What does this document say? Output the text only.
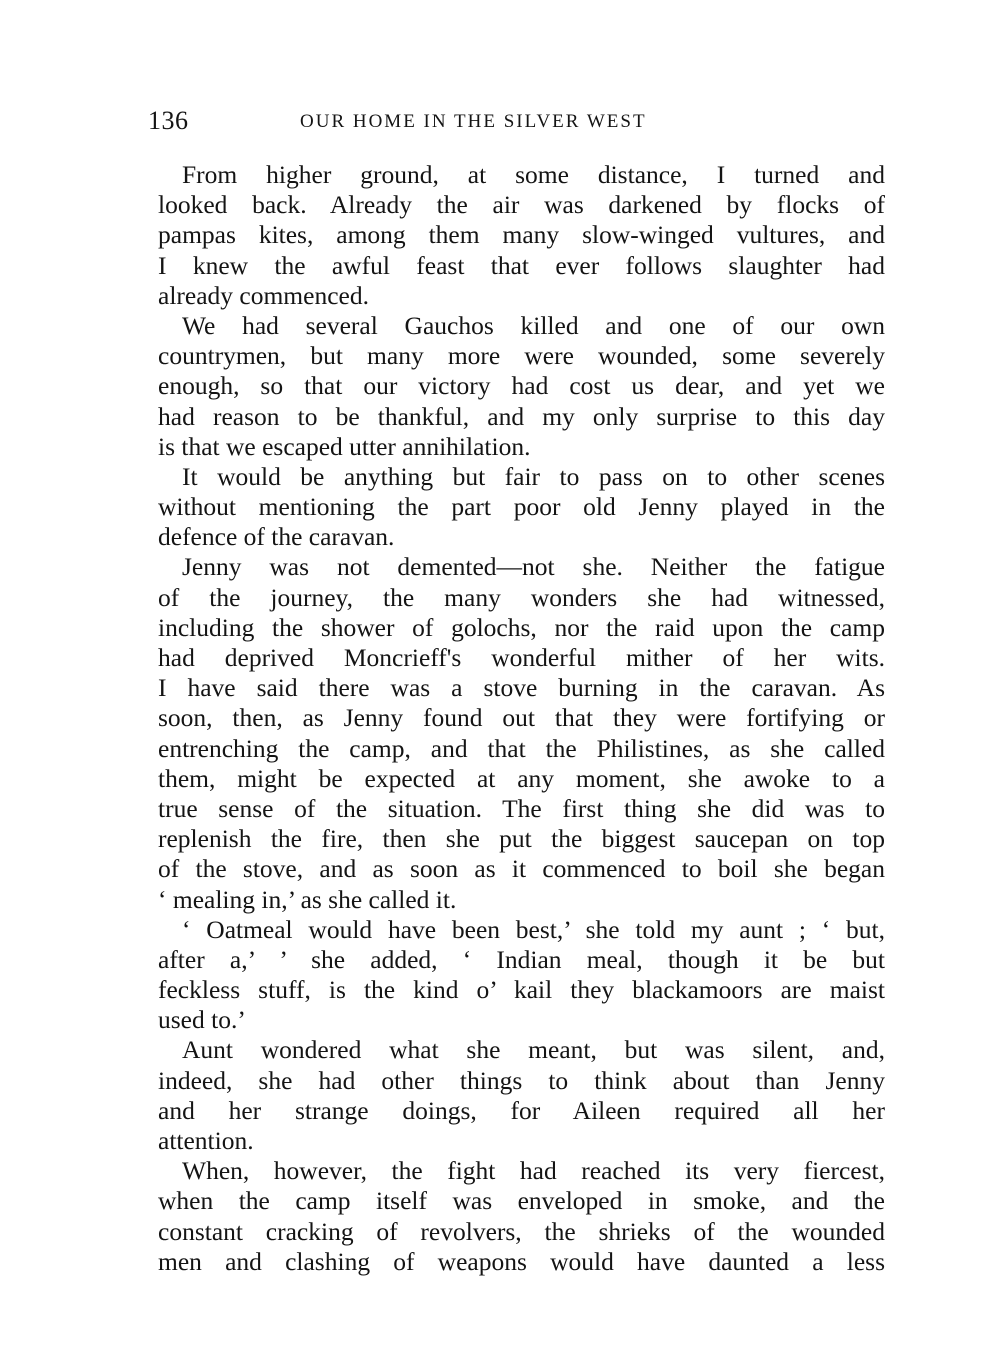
136	OUR HOME IN THE SILVER WEST
From higher ground, at some distance, I turned and
looked back. Already the air was darkened by flocks of
pampas kites, among them many slow-winged vultures, and
I knew the awful feast that ever follows slaughter had
already commenced.
We had several Gauchos killed and one of our own
countrymen, but many more were wounded, some severely
enough, so that our victory had cost us dear, and yet we
had reason to be thankful, and my only surprise to this day
is that we escaped utter annihilation.
It would be anything but fair to pass on to other scenes
without mentioning the part poor old Jenny played in the
defence of the caravan.
Jenny was not demented—not she. Neither the fatigue
of the journey, the many wonders she had witnessed,
including the shower of golochs, nor the raid upon the camp
had deprived Moncrieff's wonderful mither of her wits.
I have said there was a stove burning in the caravan. As
soon, then, as Jenny found out that they were fortifying or
entrenching the camp, and that the Philistines, as she called
them, might be expected at any moment, she awoke to a
true sense of the situation. The first thing she did was to
replenish the fire, then she put the biggest saucepan on top
of the stove, and as soon as it commenced to boil she began
‘ mealing in,’ as she called it.
‘ Oatmeal would have been best,’ she told my aunt ; ‘ but,
after a,’ ’ she added, ‘ Indian meal, though it be but
feckless stuff, is the kind o’ kail they blackamoors are maist
used to.’
Aunt wondered what she meant, but was silent, and,
indeed, she had other things to think about than Jenny
and her strange doings, for Aileen required all her
attention.
When, however, the fight had reached its very fiercest,
when the camp itself was enveloped in smoke, and the
constant cracking of revolvers, the shrieks of the wounded
men and clashing of weapons would have daunted a less
